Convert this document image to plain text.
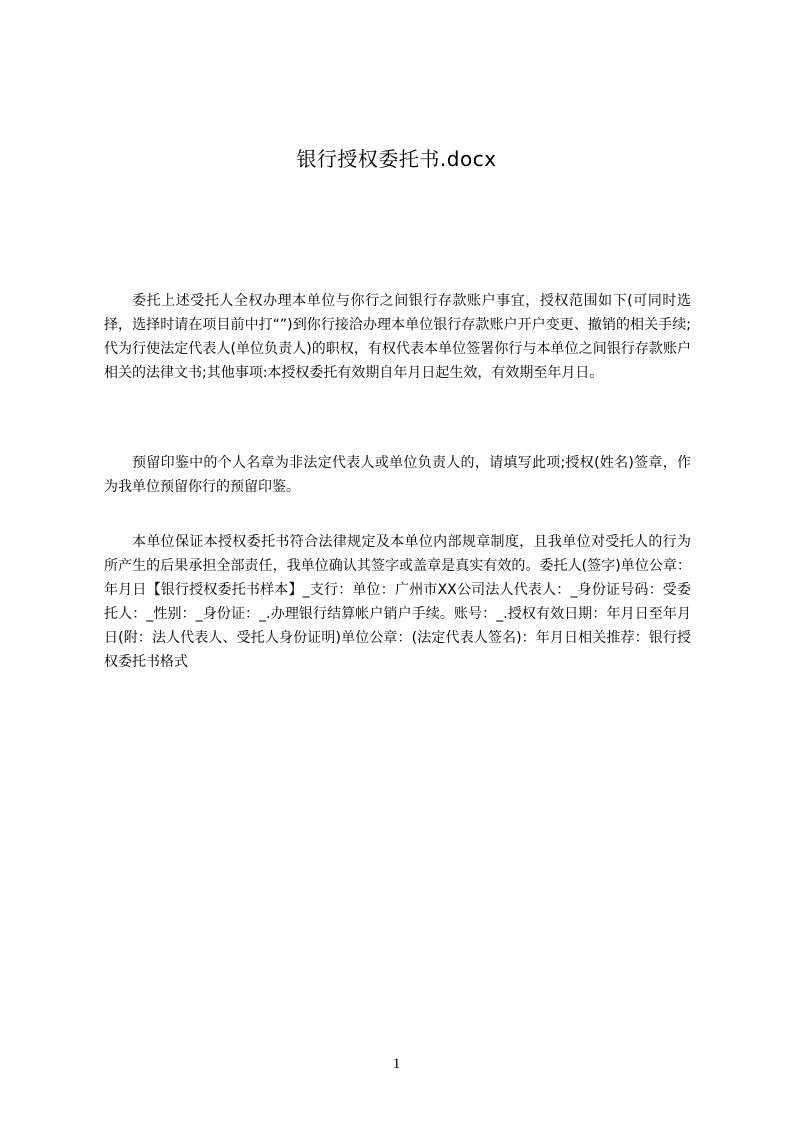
银行授权委托书.docx

委托上述受托人全权办理本单位与你行之间银行存款账户事宜，授权范围如下(可同时选择，选择时请在项目前中打“”)到你行接洽办理本单位银行存款账户开户变更、撤销的相关手续;代为行使法定代表人(单位负责人)的职权，有权代表本单位签署你行与本单位之间银行存款账户相关的法律文书;其他事项:本授权委托有效期自年月日起生效，有效期至年月日。

预留印鉴中的个人名章为非法定代表人或单位负责人的，请填写此项;授权(姓名)签章，作为我单位预留你行的预留印鉴。

本单位保证本授权委托书符合法律规定及本单位内部规章制度，且我单位对受托人的行为所产生的后果承担全部责任，我单位确认其签字或盖章是真实有效的。委托人(签字)单位公章：年月日【银行授权委托书样本】_支行：单位：广州市XX公司法人代表人：_身份证号码：受委托人：_性别：_身份证：_.办理银行结算帐户销户手续。账号：_.授权有效日期：年月日至年月日(附：法人代表人、受托人身份证明)单位公章：(法定代表人签名)：年月日相关推荐：银行授权委托书格式

1
